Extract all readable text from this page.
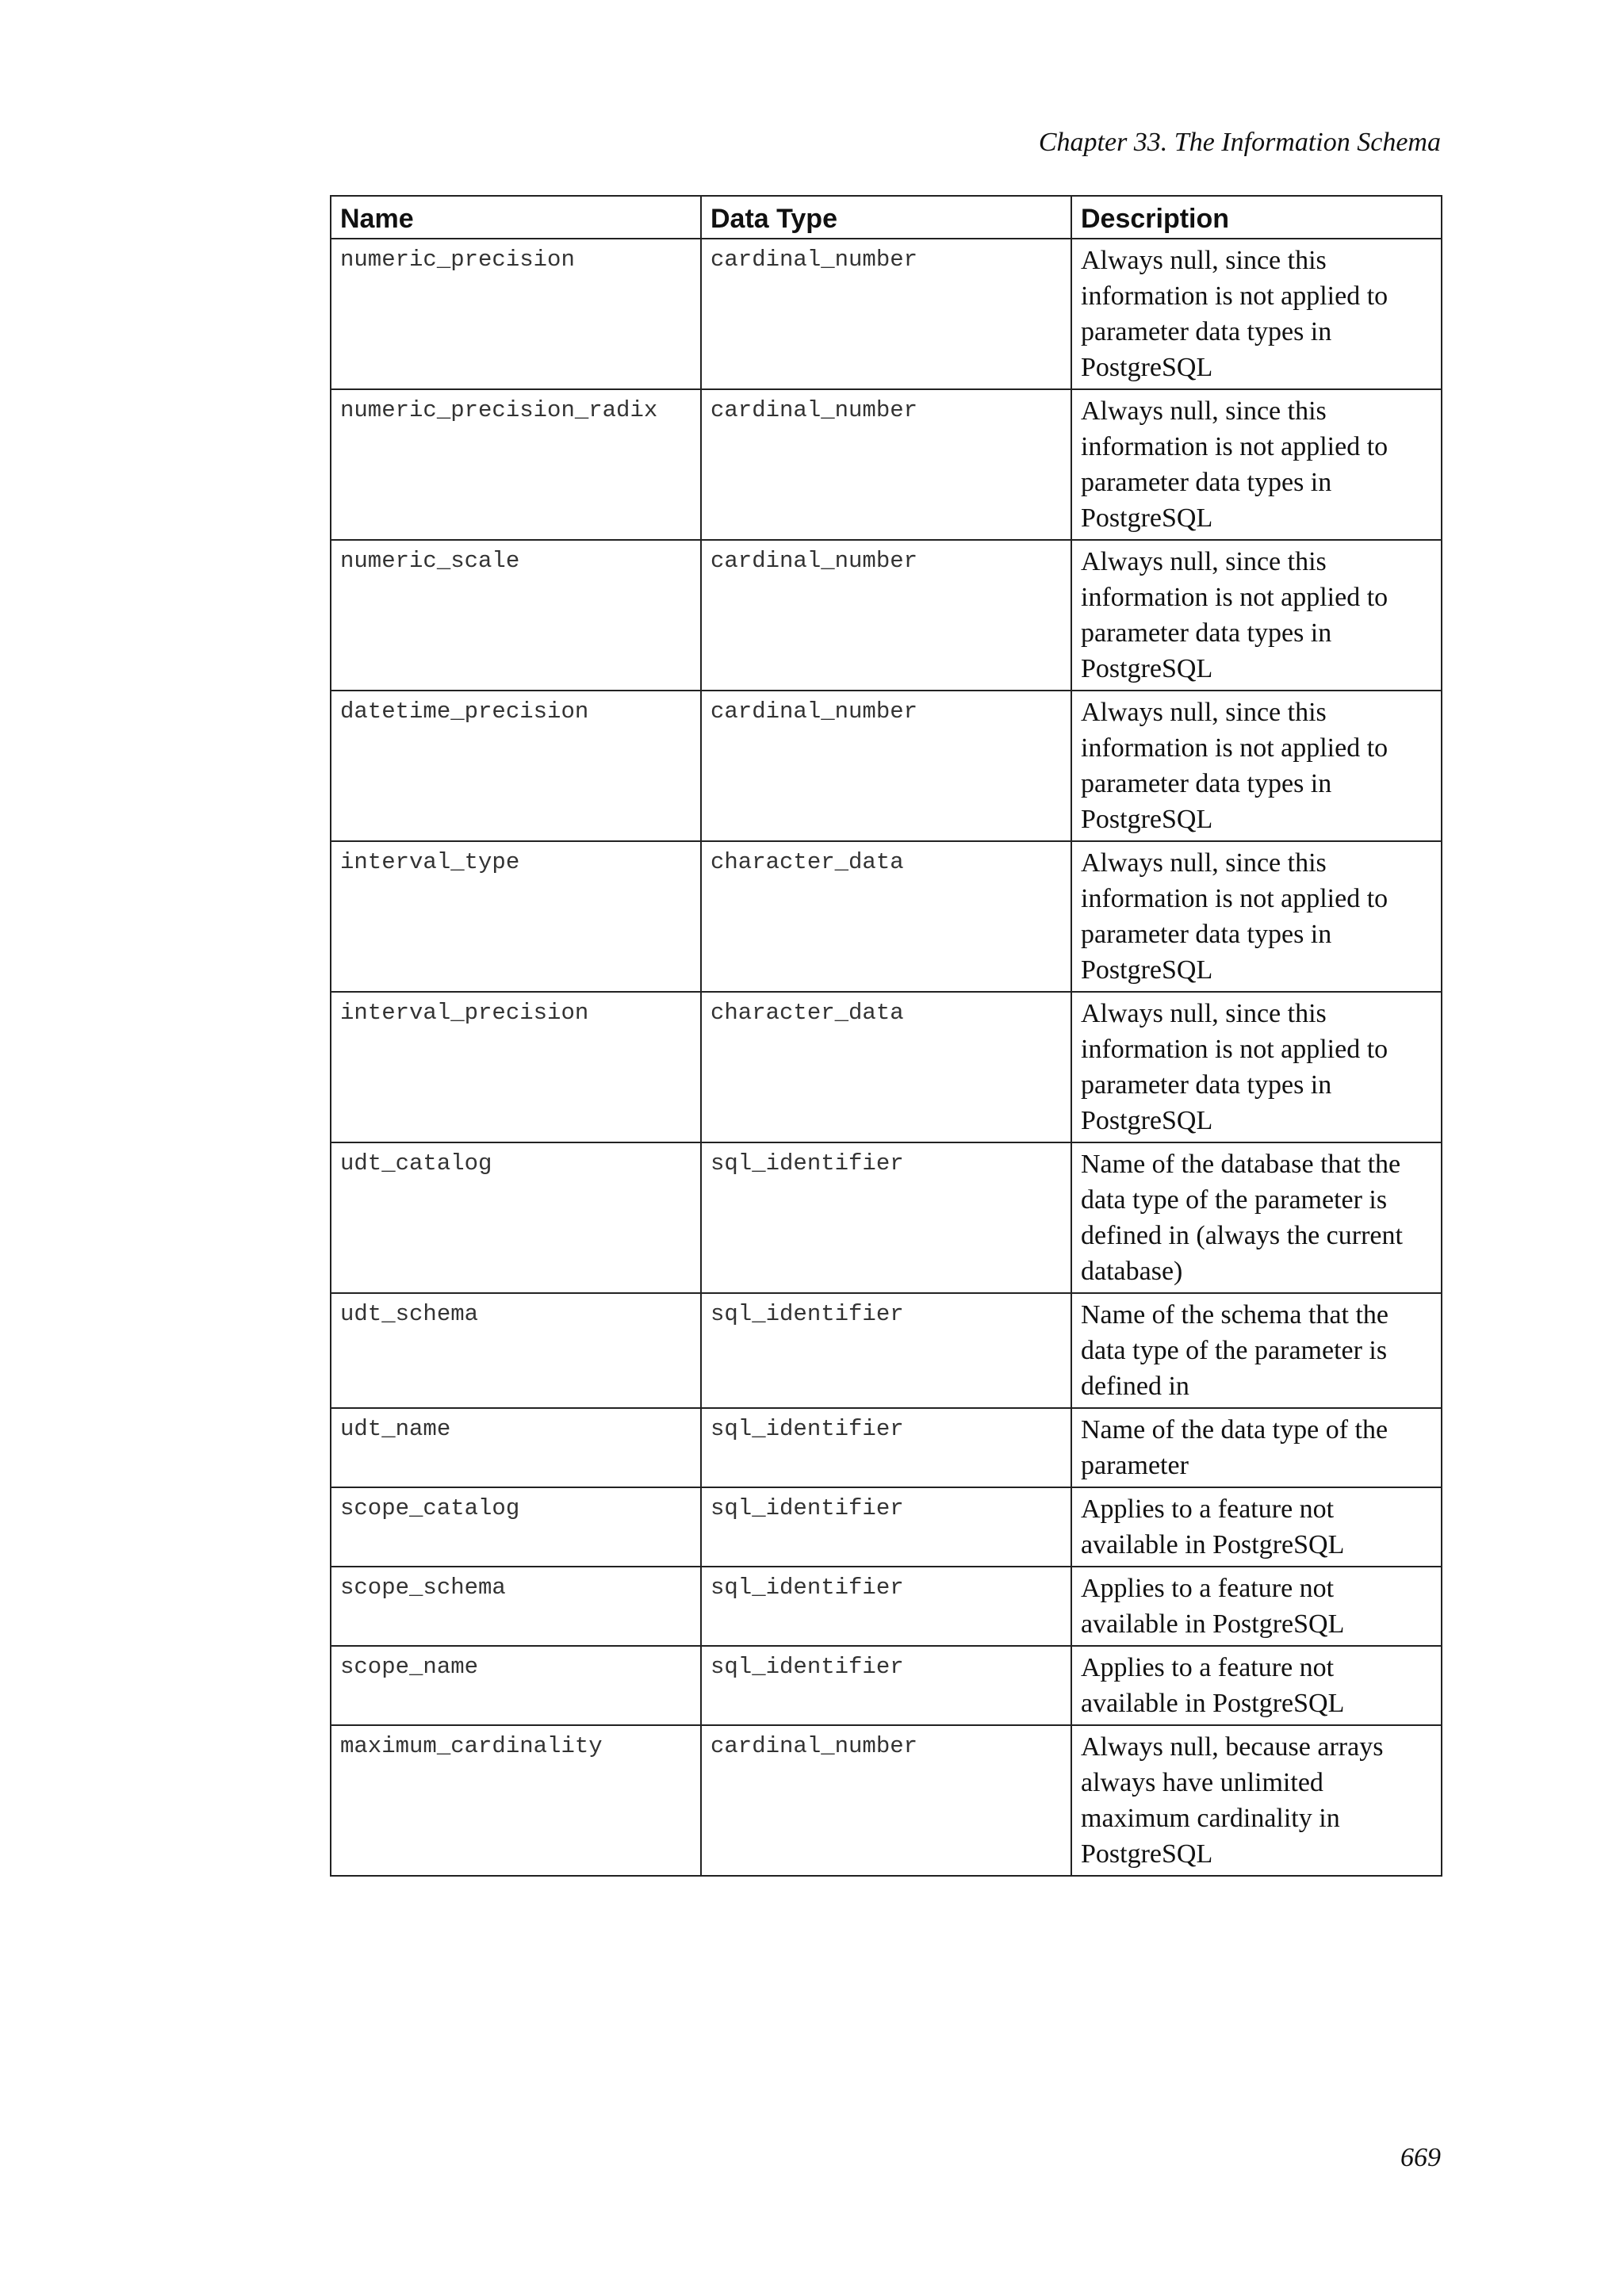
Chapter 33. The Information Schema
Name	Data Type	Description
numeric_precision	cardinal_number	Always null, since this information is not applied to parameter data types in PostgreSQL
numeric_precision_radix	cardinal_number	Always null, since this information is not applied to parameter data types in PostgreSQL
numeric_scale	cardinal_number	Always null, since this information is not applied to parameter data types in PostgreSQL
datetime_precision	cardinal_number	Always null, since this information is not applied to parameter data types in PostgreSQL
interval_type	character_data	Always null, since this information is not applied to parameter data types in PostgreSQL
interval_precision	character_data	Always null, since this information is not applied to parameter data types in PostgreSQL
udt_catalog	sql_identifier	Name of the database that the data type of the parameter is defined in (always the current database)
udt_schema	sql_identifier	Name of the schema that the data type of the parameter is defined in
udt_name	sql_identifier	Name of the data type of the parameter
scope_catalog	sql_identifier	Applies to a feature not available in PostgreSQL
scope_schema	sql_identifier	Applies to a feature not available in PostgreSQL
scope_name	sql_identifier	Applies to a feature not available in PostgreSQL
maximum_cardinality	cardinal_number	Always null, because arrays always have unlimited maximum cardinality in PostgreSQL
669
